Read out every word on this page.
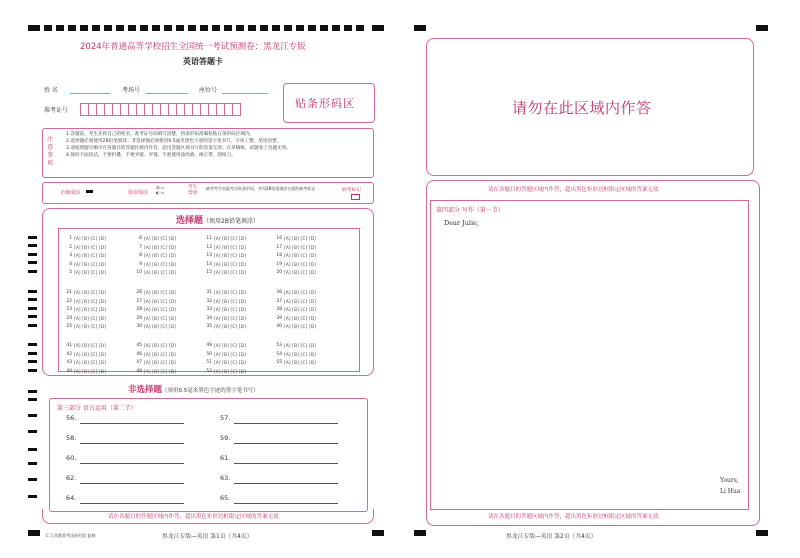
2024年普通高等学校招生全国统一考试预测卷：黑龙江专版
英语答题卡
姓 名	考场号	座位号
准考证号
贴条形码区
注意事项
1.答题前，考生先将自己的姓名、准考证号码填写清楚，将条形码准确粘贴在条形码区域内。
2.选择题必须使用2B铅笔填涂；非选择题必须使用0.5毫米黑色字迹的签字笔书写，字体工整、笔迹清楚。
3.请按照题号顺序在各题目的答题区域内作答，超出答题区域书写的答案无效；在草稿纸、试题卷上答题无效。
4.保持卡面清洁，不要折叠，不要弄破、弄皱，不准使用涂改液、修正带、刮纸刀。
正确填涂	错误填涂
☒ ▭
◐ ▭
考生禁填
缺考考生由监考员贴条形码，并用2B铅笔填涂右面的缺考标记	缺考标记
选择题（须用2B铅笔填涂）
1 [A] [B] [C] [D]
2 [A] [B] [C] [D]
3 [A] [B] [C] [D]
4 [A] [B] [C] [D]
5 [A] [B] [C] [D]
6 [A] [B] [C] [D]
7 [A] [B] [C] [D]
8 [A] [B] [C] [D]
9 [A] [B] [C] [D]
10 [A] [B] [C] [D]
11 [A] [B] [C] [D]
12 [A] [B] [C] [D]
13 [A] [B] [C] [D]
14 [A] [B] [C] [D]
15 [A] [B] [C] [D]
16 [A] [B] [C] [D]
17 [A] [B] [C] [D]
18 [A] [B] [C] [D]
19 [A] [B] [C] [D]
20 [A] [B] [C] [D]
21 [A] [B] [C] [D]
22 [A] [B] [C] [D]
23 [A] [B] [C] [D]
24 [A] [B] [C] [D]
25 [A] [B] [C] [D]
26 [A] [B] [C] [D]
27 [A] [B] [C] [D]
28 [A] [B] [C] [D]
29 [A] [B] [C] [D]
30 [A] [B] [C] [D]
31 [A] [B] [C] [D]
32 [A] [B] [C] [D]
33 [A] [B] [C] [D]
34 [A] [B] [C] [D]
35 [A] [B] [C] [D]
36 [A] [B] [C] [D]
37 [A] [B] [C] [D]
38 [A] [B] [C] [D]
39 [A] [B] [C] [D]
40 [A] [B] [C] [D]
41 [A] [B] [C] [D]
42 [A] [B] [C] [D]
43 [A] [B] [C] [D]
44 [A] [B] [C] [D]
45 [A] [B] [C] [D]
46 [A] [B] [C] [D]
47 [A] [B] [C] [D]
48 [A] [B] [C] [D]
49 [A] [B] [C] [D]
50 [A] [B] [C] [D]
51 [A] [B] [C] [D]
52 [A] [B] [C] [D]
53 [A] [B] [C] [D]
54 [A] [B] [C] [D]
55 [A] [B] [C] [D]
非选择题（须用0.5毫米黑色字迹的签字笔书写）
第三部分 语言运用（第二节）
56.	57.
58.	59.
60.	61.
62.	63.
64.	65.
请在各题目的答题区域内作答，超出黑色矩形边框限定区域的答案无效
C 江西教育考试研究院 监制	黑龙江专版—英语 第1页（共4页）
请勿在此区域内作答
请在各题目的答题区域内作答，超出黑色矩形边框限定区域的答案无效
第四部分 写作（第一节）
Dear Julie,
Yours,
Li Hua
请在各题目的答题区域内作答，超出黑色矩形边框限定区域的答案无效
黑龙江专版—英语 第2页（共4页）
